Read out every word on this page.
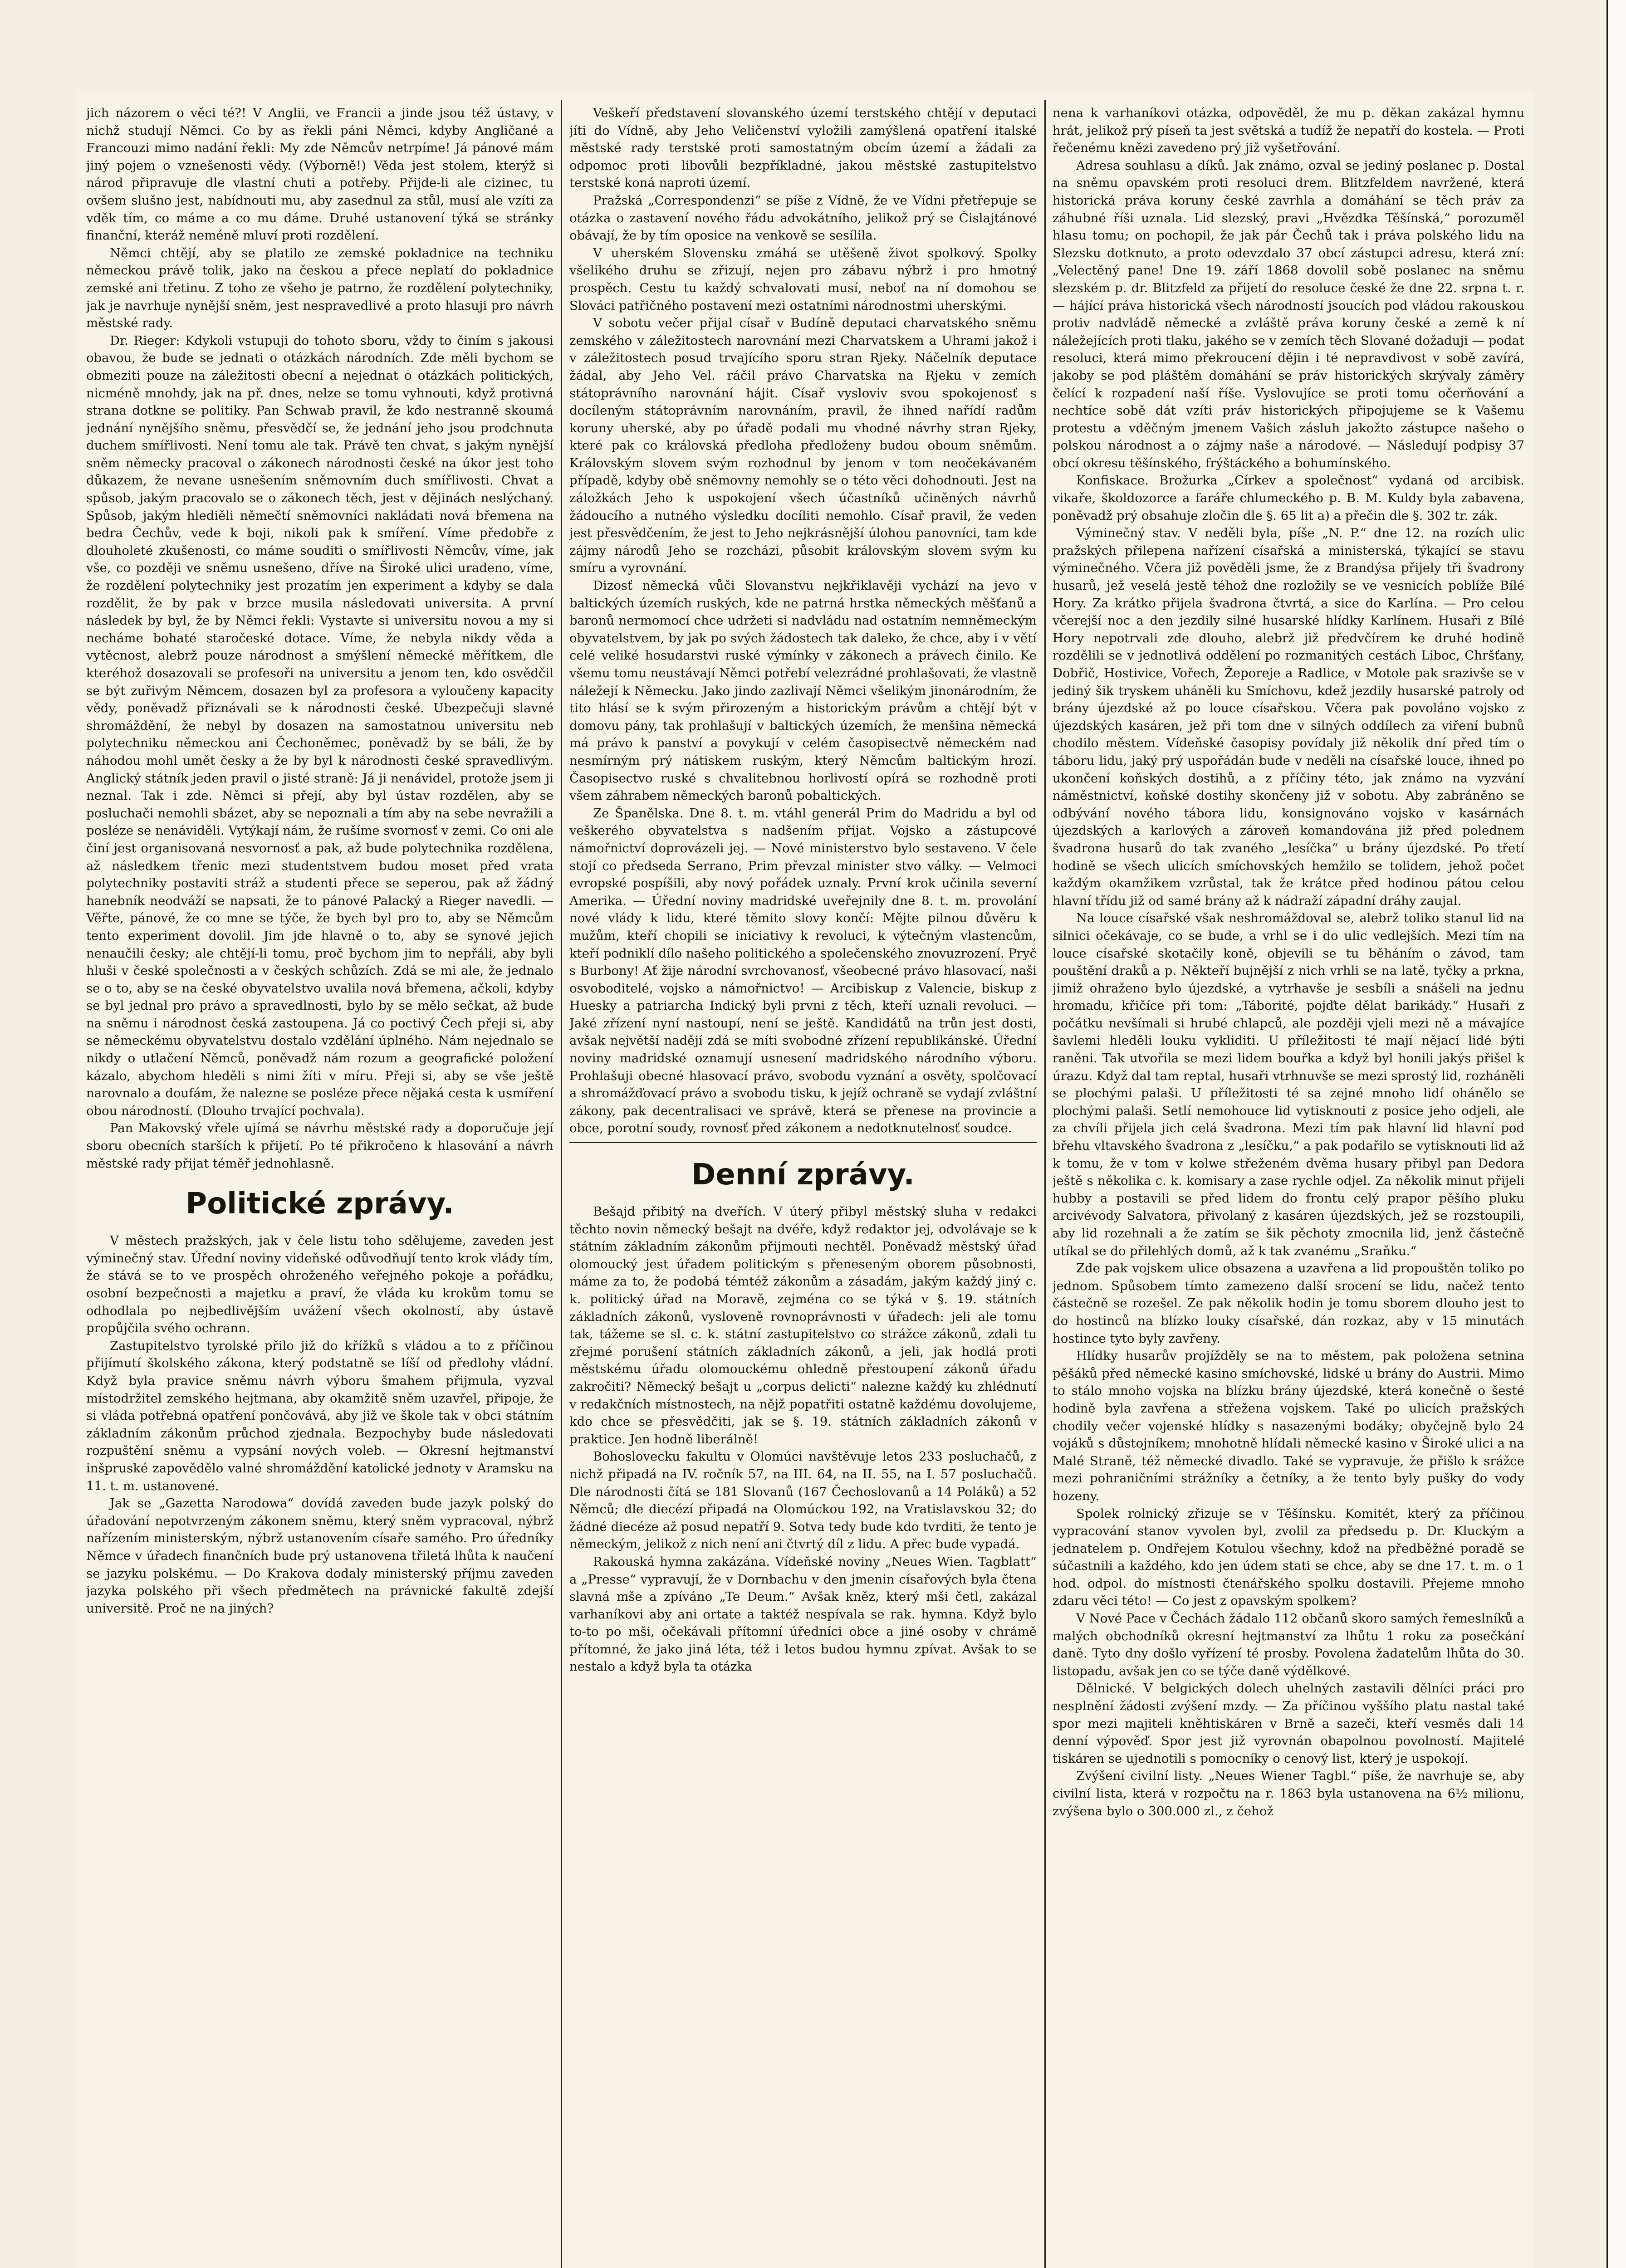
jich názorem o věci té?! V Anglii, ve Francii a jinde jsou též ústavy, v nichž studují Němci. Co by as řekli páni Němci, kdyby Angličané a Francouzi mimo nadání řekli: My zde Němcův netrpíme! Já pánové mám jiný pojem o vznešenosti vědy. (Výborně!) Věda jest stolem, kterýž si národ připravuje dle vlastní chuti a potřeby. Přijde-li ale cizinec, tu ovšem slušno jest, nabídnouti mu, aby zasednul za stůl, musí ale vzíti za vděk tím, co máme a co mu dáme. Druhé ustanovení týká se stránky finanční, kteráž neméně mluví proti rozdělení.

Němci chtějí, aby se platilo ze zemské pokladnice na techniku německou právě tolik, jako na českou a přece neplatí do pokladnice zemské ani třetinu. Z toho ze všeho je patrno, že rozdělení polytechniky, jak je navrhuje nynější sněm, jest nespravedlivé a proto hlasuji pro návrh městské rady.

Dr. Rieger: Kdykoli vstupuji do tohoto sboru, vždy to činím s jakousi obavou, že bude se jednati o otázkách národních. Zde měli bychom se obmeziti pouze na záležitosti obecní a nejednat o otázkách politických, nicméně mnohdy, jak na př. dnes, nelze se tomu vyhnouti, když protivná strana dotkne se politiky. Pan Schwab pravil, že kdo nestranně skoumá jednání nynějšího sněmu, přesvědčí se, že jednání jeho jsou prodchnuta duchem smířlivosti. Není tomu ale tak. Právě ten chvat, s jakým nynější sněm německy pracoval o zákonech národnosti české na úkor jest toho důkazem, že nevane usnešením sněmovním duch smířlivosti. Chvat a spůsob, jakým pracovalo se o zákonech těch, jest v dějinách neslýchaný. Spůsob, jakým hlediěli němečtí sněmovníci nakládati nová břemena na bedra Čechův, vede k boji, nikoli pak k smíření. Víme předobře z dlouholeté zkušenosti, co máme souditi o smířlivosti Němcův, víme, jak vše, co později ve sněmu usnešeno, dříve na Široké ulici uradeno, víme, že rozdělení polytechniky jest prozatím jen experiment a kdyby se dala rozdělit, že by pak v brzce musila následovati universita. A první následek by byl, že by Němci řekli: Vystavte si universitu novou a my si necháme bohaté staročeské dotace. Víme, že nebyla nikdy věda a vytěcnost, alebrž pouze národnost a smýšlení německé měřítkem, dle kteréhož dosazovali se profesoři na universitu a jenom ten, kdo osvědčil se být zuřivým Němcem, dosazen byl za profesora a vyloučeny kapacity vědy, poněvadž přiznávali se k národnosti české. Ubezpečuji slavné shromáždění, že nebyl by dosazen na samostatnou universitu neb polytechniku německou ani Čechoněmec, poněvadž by se báli, že by náhodou mohl umět česky a že by byl k národnosti české spravedlivým. Anglický státník jeden pravil o jisté straně: Já ji nenávidel, protože jsem ji neznal. Tak i zde. Němci si přejí, aby byl ústav rozdělen, aby se posluchači nemohli sbázet, aby se nepoznali a tím aby na sebe nevražili a posléze se nenáviděli. Vytýkají nám, že rušíme svornosť v zemi. Co oni ale činí jest organisovaná nesvornosť a pak, až bude polytechnika rozdělena, až následkem třenic mezi studentstvem budou moset před vrata polytechniky postaviti stráž a studenti přece se seperou, pak až žádný hanebník neodváží se napsati, že to pánové Palacký a Rieger navedli. — Věřte, pánové, že co mne se týče, že bych byl pro to, aby se Němcům tento experiment dovolil. Jim jde hlavně o to, aby se synové jejich nenaučili česky; ale chtějí-li tomu, proč bychom jim to nepřáli, aby byli hluši v české společnosti a v českých schůzích. Zdá se mi ale, že jednalo se o to, aby se na české obyvatelstvo uvalila nová břemena, ačkoli, kdyby se byl jednal pro právo a spravedlnosti, bylo by se mělo sečkat, až bude na sněmu i národnost česká zastoupena. Já co poctivý Čech přeji si, aby se německému obyvatelstvu dostalo vzdělání úplného. Nám nejednalo se nikdy o utlačení Němců, poněvadž nám rozum a geografické položení kázalo, abychom hleděli s nimi žíti v míru. Přeji si, aby se vše ještě narovnalo a doufám, že nalezne se posléze přece nějaká cesta k usmíření obou národností. (Dlouho trvající pochvala).

Pan Makovský vřele ujímá se návrhu městské rady a doporučuje její sboru obecních starších k přijetí. Po té přikročeno k hlasování a návrh městské rady přijat téměř jednohlasně.

Politické zprávy.

V městech pražských, jak v čele listu toho sdělujeme, zaveden jest výminečný stav. Úřední noviny videňské odůvodňují tento krok vlády tím, že stává se to ve prospěch ohroženého veřejného pokoje a pořádku, osobní bezpečnosti a majetku a praví, že vláda ku krokům tomu se odhodlala po nejbedlivějším uvážení všech okolností, aby ústavě propůjčila svého ochrann.

Zastupitelstvo tyrolské přilo již do křížků s vládou a to z příčinou přijímutí školského zákona, který podstatně se líší od předlohy vládní. Když byla pravice sněmu návrh výboru šmahem přijmula, vyzval místodržitel zemského hejtmana, aby okamžitě sněm uzavřel, připoje, že si vláda potřebná opatření pončovává, aby již ve škole tak v obci státním základním zákonům průchod zjednala. Bezpochyby bude následovati rozpuštění sněmu a vypsání nových voleb. — Okresní hejtmanství inšpruské zapovědělo valné shromáždění katolické jednoty v Aramsku na 11. t. m. ustanovené.

Jak se „Gazetta Narodowa“ dovídá zaveden bude jazyk polský do úřadování nepotvrzeným zákonem sněmu, který sněm vypracoval, nýbrž nařízením ministerským, nýbrž ustanovením císaře samého. Pro úředníky Němce v úřadech finančních bude prý ustanovena třiletá lhůta k naučení se jazyku polskému. — Do Krakova dodaly ministerský příjmu zaveden jazyka polského při všech předmětech na právnické fakultě zdejší universitě. Proč ne na jiných?

Veškeří představení slovanského území terstského chtějí v deputaci jíti do Vídně, aby Jeho Veličenství vyložili zamýšlená opatření italské městské rady terstské proti samostatným obcím území a žádali za odpomoc proti libovůli bezpříkladné, jakou městské zastupitelstvo terstské koná naproti území.

Pražská „Correspondenzi“ se píše z Vídně, že ve Vídni přetřepuje se otázka o zastavení nového řádu advokátního, jelikož prý se Čislajtánové obávají, že by tím oposice na venkově se sesílila.

V uherském Slovensku zmáhá se utěšeně život spolkový. Spolky všelikého druhu se zřizují, nejen pro zábavu nýbrž i pro hmotný prospěch. Cestu tu každý schvalovati musí, neboť na ní domohou se Slováci patřičného postavení mezi ostatními národnostmi uherskými.

V sobotu večer přijal císař v Budíně deputaci charvatského sněmu zemského v záležitostech narovnání mezi Charvatskem a Uhrami jakož i v záležitostech posud trvajícího sporu stran Rjeky. Náčelník deputace žádal, aby Jeho Vel. ráčil právo Charvatska na Rjeku v zemích státoprávního narovnání hájit. Císař vysloviv svou spokojenosť s docíleným státoprávním narovnáním, pravil, že ihned nařídí radům koruny uherské, aby po úřadě podali mu vhodné návrhy stran Rjeky, které pak co královská předloha předloženy budou oboum sněmům. Královským slovem svým rozhodnul by jenom v tom neočekávaném případě, kdyby obě sněmovny nemohly se o této věci dohodnouti. Jest na záložkách Jeho k uspokojení všech účastníků učiněných návrhů žádoucího a nutného výsledku docíliti nemohlo. Císař pravil, že veden jest přesvědčením, že jest to Jeho nejkrásnější úlohou panovníci, tam kde zájmy národů Jeho se rozcházi, působit královským slovem svým ku smíru a vyrovnání.

Dizosť německá vůči Slovanstvu nejkřiklavěji vychází na jevo v baltických územích ruských, kde ne patrná hrstka německých měšťanů a baronů nermomocí chce udržeti si nadvládu nad ostatním nemněmeckým obyvatelstvem, by jak po svých žádostech tak daleko, že chce, aby i v větí celé veliké hosudarstvi ruské výmínky v zákonech a právech činilo. Ke všemu tomu neustávají Němci potřebí velezrádné prohlašovati, že vlastně náležejí k Německu. Jako jindo zazlivají Němci všelikým jinonárodním, že tito hlásí se k svým přirozeným a historickým právům a chtějí být v domovu pány, tak prohlašují v baltických územích, že menšina německá má právo k panství a povykují v celém časopisectvě německém nad nesmírným prý nátiskem ruským, který Němcům baltickým hrozí. Časopisectvo ruské s chvalitebnou horlivostí opírá se rozhodně proti všem záhrabem německých baronů pobaltických.

Ze Španělska. Dne 8. t. m. vtáhl generál Prim do Madridu a byl od veškerého obyvatelstva s nadšením přijat. Vojsko a zástupcové námořnictví doprovázeli jej. — Nové ministerstvo bylo sestaveno. V čele stojí co předseda Serrano, Prim převzal minister stvo války. — Velmoci evropské pospíšili, aby nový pořádek uznaly. První krok učinila severní Amerika. — Úřední noviny madridské uveřejnily dne 8. t. m. provolání nové vlády k lidu, které těmito slovy končí: Mějte pilnou důvěru k mužům, kteří chopili se iniciativy k revoluci, k výtečným vlastencům, kteří podniklí dílo našeho politického a společenského znovuzrození. Pryč s Burbony! Ať žije národní svrchovanosť, všeobecné právo hlasovací, naši osvoboditelé, vojsko a námořnictvo! — Arcibiskup z Valencie, biskup z Huesky a patriarcha Indický byli prvni z těch, kteří uznali revoluci. — Jaké zřízení nyní nastoupí, není se ještě. Kandidátů na trůn jest dosti, avšak největší nadějí zdá se míti svobodné zřízení republikánské. Úřední noviny madridské oznamují usnesení madridského národního výboru. Prohlašuji obecné hlasovací právo, svobodu vyznání a osvěty, spolčovací a shromážďovací právo a svobodu tisku, k jejíž ochraně se vydají zvláštní zákony, pak decentralisaci ve správě, která se přenese na provincie a obce, porotní soudy, rovnosť před zákonem a nedotknutelnosť soudce.

Denní zprávy.

Bešajd přibitý na dveřích. V úterý přibyl městský sluha v redakci těchto novin německý bešajt na dvéře, když redaktor jej, odvolávaje se k státním základním zákonům přijmouti nechtěl. Poněvadž městský úřad olomoucký jest úřadem politickým s přeneseným oborem působnosti, máme za to, že podobá témtéž zákonům a zásadám, jakým každý jiný c. k. politický úřad na Moravě, zejména co se týká v §. 19. státních základních zákonů, vysloveně rovnoprávnosti v úřadech: jeli ale tomu tak, tážeme se sl. c. k. státní zastupitelstvo co strážce zákonů, zdali tu zřejmé porušení státních základních zákonů, a jeli, jak hodlá proti městskému úřadu olomouckému ohledně přestoupení zákonů úřadu zakročiti? Německý bešajt u „corpus delicti“ nalezne každý ku zhlédnutí v redakčních místnostech, na nějž popatřiti ostatně každému dovolujeme, kdo chce se přesvědčiti, jak se §. 19. státních základních zákonů v praktice. Jen hodně liberálně!

Bohoslovecku fakultu v Olomúci navštěvuje letos 233 posluchačů, z nichž připadá na IV. ročník 57, na III. 64, na II. 55, na I. 57 posluchačů. Dle národnosti čítá se 181 Slovanů (167 Čechoslovanů a 14 Poláků) a 52 Němců; dle diecézí připadá na Olomúckou 192, na Vratislavskou 32; do žádné diecéze až posud nepatří 9. Sotva tedy bude kdo tvrditi, že tento je německým, jelikož z nich není ani čtvrtý díl z lidu. A přec bude vypadá.

Rakouská hymna zakázána. Vídeňské noviny „Neues Wien. Tagblatt“ a „Presse“ vypravují, že v Dornbachu v den jmenin císařových byla čtena slavná mše a zpíváno „Te Deum.“ Avšak kněz, který mši četl, zakázal varhaníkovi aby ani ortate a taktéž nespívala se rak. hymna. Když bylo to-to po mši, očekávali přítomní úředníci obce a jiné osoby v chrámě přítomné, že jako jiná léta, též i letos budou hymnu zpívat. Avšak to se nestalo a když byla ta otázka

nena k varhaníkovi otázka, odpověděl, že mu p. děkan zakázal hymnu hrát, jelikož prý píseň ta jest světská a tudíž že nepatří do kostela. — Proti řečenému knězi zavedeno prý již vyšetřování.

Adresa souhlasu a díků. Jak známo, ozval se jediný poslanec p. Dostal na sněmu opavském proti resoluci drem. Blitzfeldem navržené, která historická práva koruny české zavrhla a domáhání se těch práv za záhubné říši uznala. Lid slezský, pravi „Hvězdka Těšínská,“ porozuměl hlasu tomu; on pochopil, že jak pár Čechů tak i práva polského lidu na Slezsku dotknuto, a proto odevzdalo 37 obcí zástupci adresu, která zní: „Velectěný pane! Dne 19. září 1868 dovolil sobě poslanec na sněmu slezském p. dr. Blitzfeld za přijetí do resoluce české že dne 22. srpna t. r. — hájící práva historická všech národností jsoucích pod vládou rakouskou protiv nadvládě německé a zvláště práva koruny české a země k ní náležejících proti tlaku, jakého se v zemích těch Slované dožaduji — podat resoluci, která mimo překroucení dějin i té nepravdivost v sobě zavírá, jakoby se pod pláštěm domáhání se práv historických skrývaly záměry čelící k rozpadení naší říše. Vyslovujíce se proti tomu očerňování a nechtíce sobě dát vzíti práv historických připojujeme se k Vašemu protestu a vděčným jmenem Vašich zásluh jakožto zástupce našeho o polskou národnost a o zájmy naše a národové. — Následují podpisy 37 obcí okresu těšínského, frýštáckého a bohumínského.

Konfiskace. Brožurka „Církev a společnost“ vydaná od arcibisk. vikaře, školdozorce a faráře chlumeckého p. B. M. Kuldy byla zabavena, poněvadž prý obsahuje zločin dle §. 65 lit a) a přečin dle §. 302 tr. zák.

Výminečný stav. V neděli byla, píše „N. P.“ dne 12. na rozích ulic pražských přilepena nařízení císařská a ministerská, týkající se stavu výminečného. Včera již pověděli jsme, že z Brandýsa přijely tři švadrony husarů, jež veselá jestě téhož dne rozložily se ve vesnicích poblíže Bílé Hory. Za krátko přijela švadrona čtvrtá, a sice do Karlína. — Pro celou včerejší noc a den jezdily silné husarské hlídky Karlínem. Husaři z Bílé Hory nepotrvali zde dlouho, alebrž již předvčírem ke druhé hodině rozdělili se v jednotlivá oddělení po rozmanitých cestách Liboc, Chršťany, Dobřič, Hostivice, Vořech, Žeporeje a Radlice, v Motole pak srazivše se v jediný šik tryskem uháněli ku Smíchovu, kdež jezdily husarské patroly od brány újezdské až po louce císařskou. Včera pak povoláno vojsko z újezdských kasáren, jež při tom dne v silných oddílech za viření bubnů chodilo městem. Vídeňské časopisy povídaly již několik dní před tím o táboru lidu, jaký prý uspořádán bude v neděli na císařské louce, ihned po ukončení koňských dostihů, a z příčiny této, jak známo na vyzvání náměstnictví, koňské dostihy skončeny již v sobotu. Aby zabráněno se odbývání nového tábora lidu, konsignováno vojsko v kasárnách újezdských a karlových a zároveň komandována již před polednem švadrona husarů do tak zvaného „lesíčka“ u brány újezdské. Po třetí hodině se všech ulicích smíchovských hemžilo se tolidem, jehož počet každým okamžikem vzrůstal, tak že krátce před hodinou pátou celou hlavní třídu již od samé brány až k nádraží západní dráhy zaujal.

Na louce císařské však neshromáždoval se, alebrž toliko stanul lid na silnici očekávaje, co se bude, a vrhl se i do ulic vedlejších. Mezi tím na louce císařské skotačily koně, objevili se tu běháním o závod, tam pouštění draků a p. Někteří bujnější z nich vrhli se na latě, tyčky a prkna, jimiž ohraženo bylo újezdské, a vytrhavše je sesbíli a snášeli na jednu hromadu, křičíce při tom: „Táborité, pojďte dělat barikády.“ Husaři z počátku nevšímali si hrubé chlapců, ale později vjeli mezi ně a mávajíce šavlemi hleděli louku vykliditi. U příležitosti té mají nějací lidé býti raněni. Tak utvořila se mezi lidem bouřka a když byl honili jakýs přišel k úrazu. Když dal tam reptal, husaři vtrhnuvše se mezi sprostý lid, rozháněli se plochými palaši. U příležitosti té sa zejné mnoho lidí ohánělo se plochými palaši. Setlí nemohouce lid vytisknouti z posice jeho odjeli, ale za chvíli přijela jich celá švadrona. Mezi tím pak hlavní lid hlavní pod břehu vltavského švadrona z „lesíčku,“ a pak podařilo se vytisknouti lid až k tomu, že v tom v kolwe střeženém dvěma husary přibyl pan Dedora ještě s několika c. k. komisary a zase rychle odjel. Za několik minut přijeli hubby a postavili se před lidem do frontu celý prapor pěšího pluku arcivévody Salvatora, přivolaný z kasáren újezdských, jež se rozstoupili, aby lid rozehnali a že zatím se šik pěchoty zmocnila lid, jenž částečně utíkal se do přilehlých domů, až k tak zvanému „Sraňku.“

Zde pak vojskem ulice obsazena a uzavřena a lid propouštěn toliko po jednom. Spůsobem tímto zamezeno další srocení se lidu, načež tento částečně se rozešel. Ze pak několik hodin je tomu sborem dlouho jest to do hostinců na blízko louky císařské, dán rozkaz, aby v 15 minutách hostince tyto byly zavřeny.

Hlídky husarův projížděly se na to městem, pak položena setnina pěšáků před německé kasino smíchovské, lidské u brány do Austrii. Mimo to stálo mnoho vojska na blízku brány újezdské, která konečně o šesté hodině byla zavřena a střežena vojskem. Také po ulicích pražských chodily večer vojenské hlídky s nasazenými bodáky; obyčejně bylo 24 vojáků s důstojníkem; mnohotně hlídali německé kasino v Široké ulici a na Malé Straně, též německé divadlo. Také se vypravuje, že přišlo k srážce mezi pohraničními strážníky a četníky, a že tento byly pušky do vody hozeny.

Spolek rolnický zřizuje se v Těšínsku. Komitét, který za příčinou vypracování stanov vyvolen byl, zvolil za předsedu p. Dr. Kluckým a jednatelem p. Ondřejem Kotulou všechny, kdož na předběžné poradě se súčastnili a každého, kdo jen údem stati se chce, aby se dne 17. t. m. o 1 hod. odpol. do místnosti čtenářského spolku dostavili. Přejeme mnoho zdaru věci této! — Co jest z opavským spolkem?

V Nové Pace v Čechách žádalo 112 občanů skoro samých řemeslníků a malých obchodníků okresní hejtmanství za lhůtu 1 roku za posečkání daně. Tyto dny došlo vyřízení té prosby. Povolena žadatelům lhůta do 30. listopadu, avšak jen co se týče daně výdělkové.

Dělnické. V belgických dolech uhelných zastavili dělníci práci pro nesplnění žádosti zvýšení mzdy. — Za příčinou vyššího platu nastal také spor mezi majiteli kněhtiskáren v Brně a sazeči, kteří vesměs dali 14 denní výpověď. Spor jest již vyrovnán obapolnou povolností. Majitelé tiskáren se ujednotili s pomocníky o cenový list, který je uspokojí.

Zvýšení civilní listy. „Neues Wiener Tagbl.“ píše, že navrhuje se, aby civilní lista, která v rozpočtu na r. 1863 byla ustanovena na 6½ milionu, zvýšena bylo o 300.000 zl., z čehož
